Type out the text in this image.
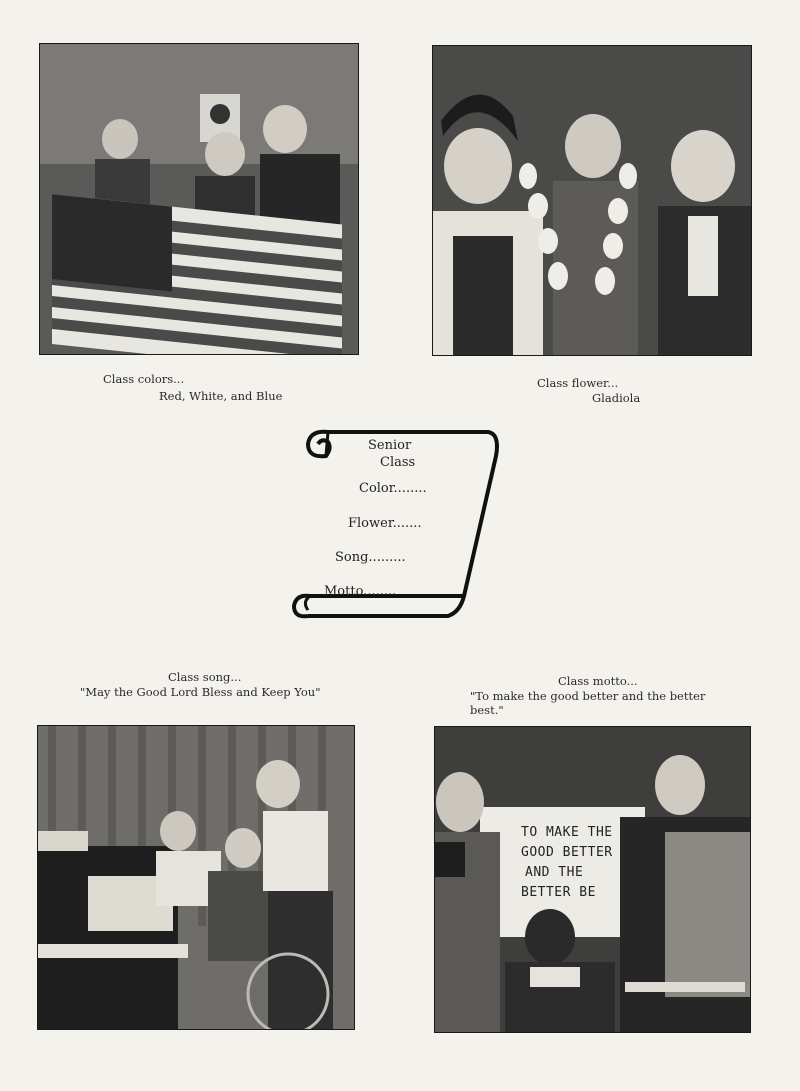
Class colors...
Red, White, and Blue
Class flower...
Gladiola
Senior
Class
Color........
Flower.......
Song.........
Motto........
Class song...
"May the Good Lord Bless and Keep You"
Class motto...
"To make the good better and the better
best."
TO MAKE THE
GOOD BETTER
AND THE
BETTER BE
